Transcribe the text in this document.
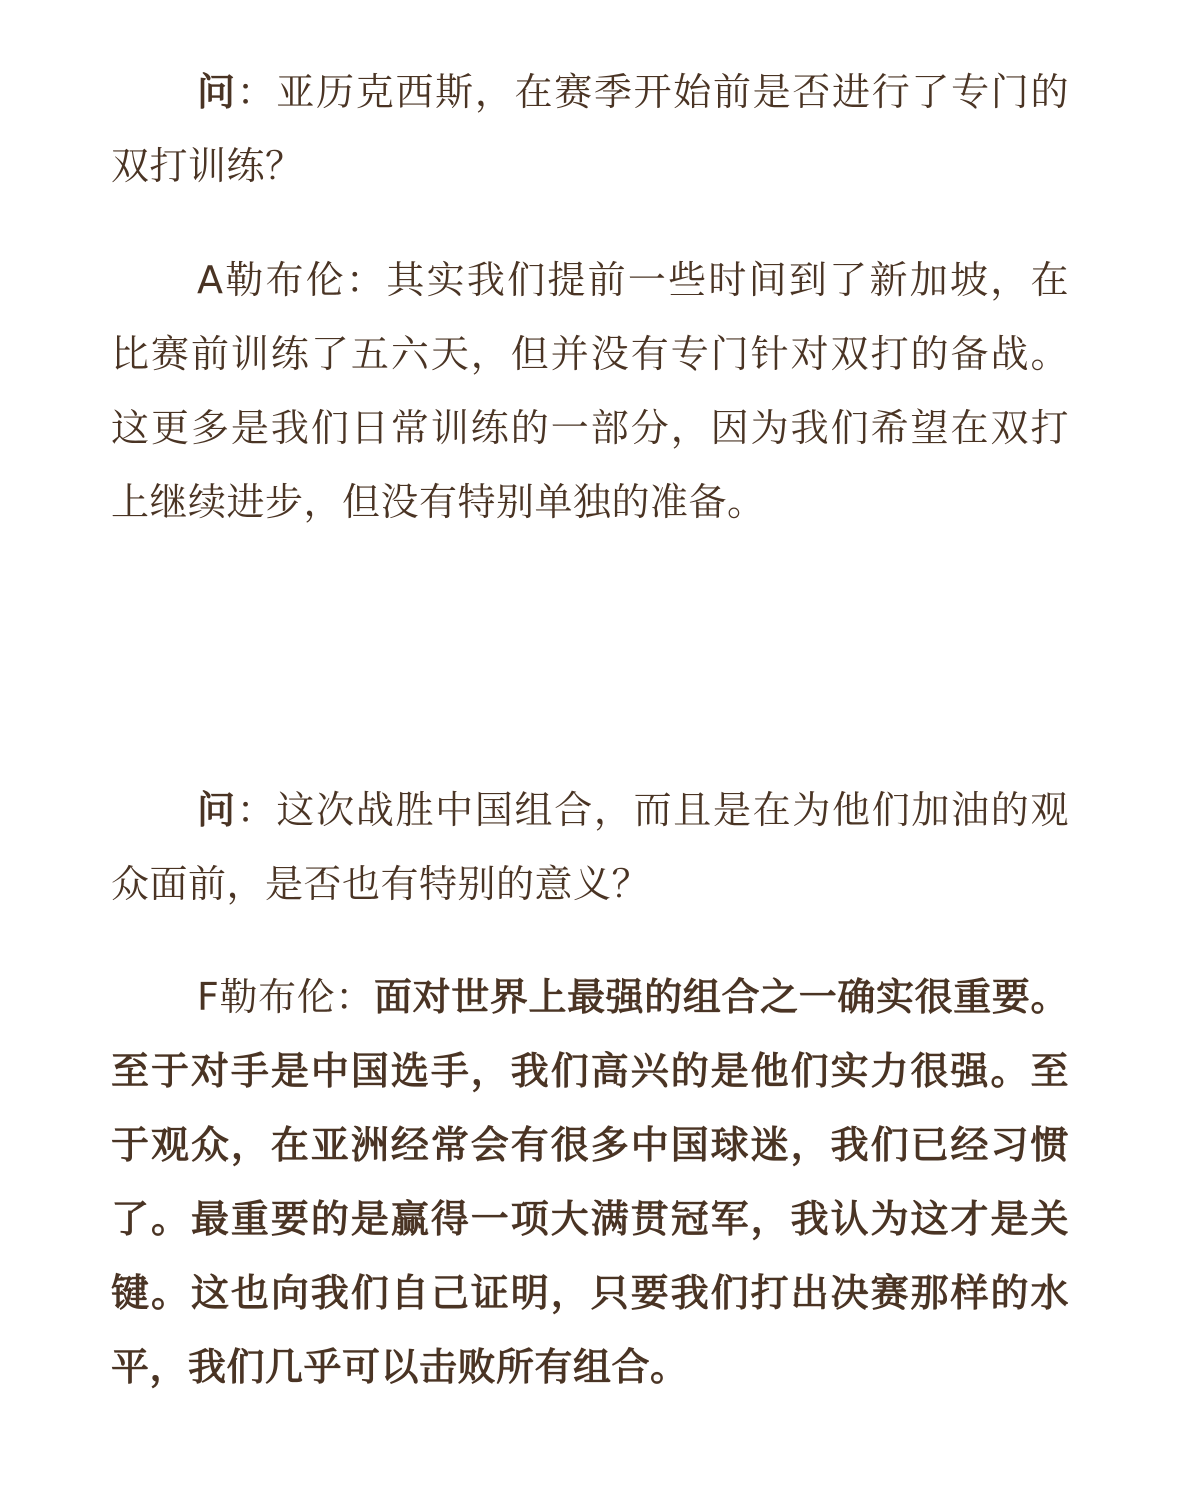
问：亚历克西斯，在赛季开始前是否进行了专门的双打训练？

A勒布伦：其实我们提前一些时间到了新加坡，在比赛前训练了五六天，但并没有专门针对双打的备战。这更多是我们日常训练的一部分，因为我们希望在双打上继续进步，但没有特别单独的准备。

问：这次战胜中国组合，而且是在为他们加油的观众面前，是否也有特别的意义？

F勒布伦：面对世界上最强的组合之一确实很重要。至于对手是中国选手，我们高兴的是他们实力很强。至于观众，在亚洲经常会有很多中国球迷，我们已经习惯了。最重要的是赢得一项大满贯冠军，我认为这才是关键。这也向我们自己证明，只要我们打出决赛那样的水平，我们几乎可以击败所有组合。
